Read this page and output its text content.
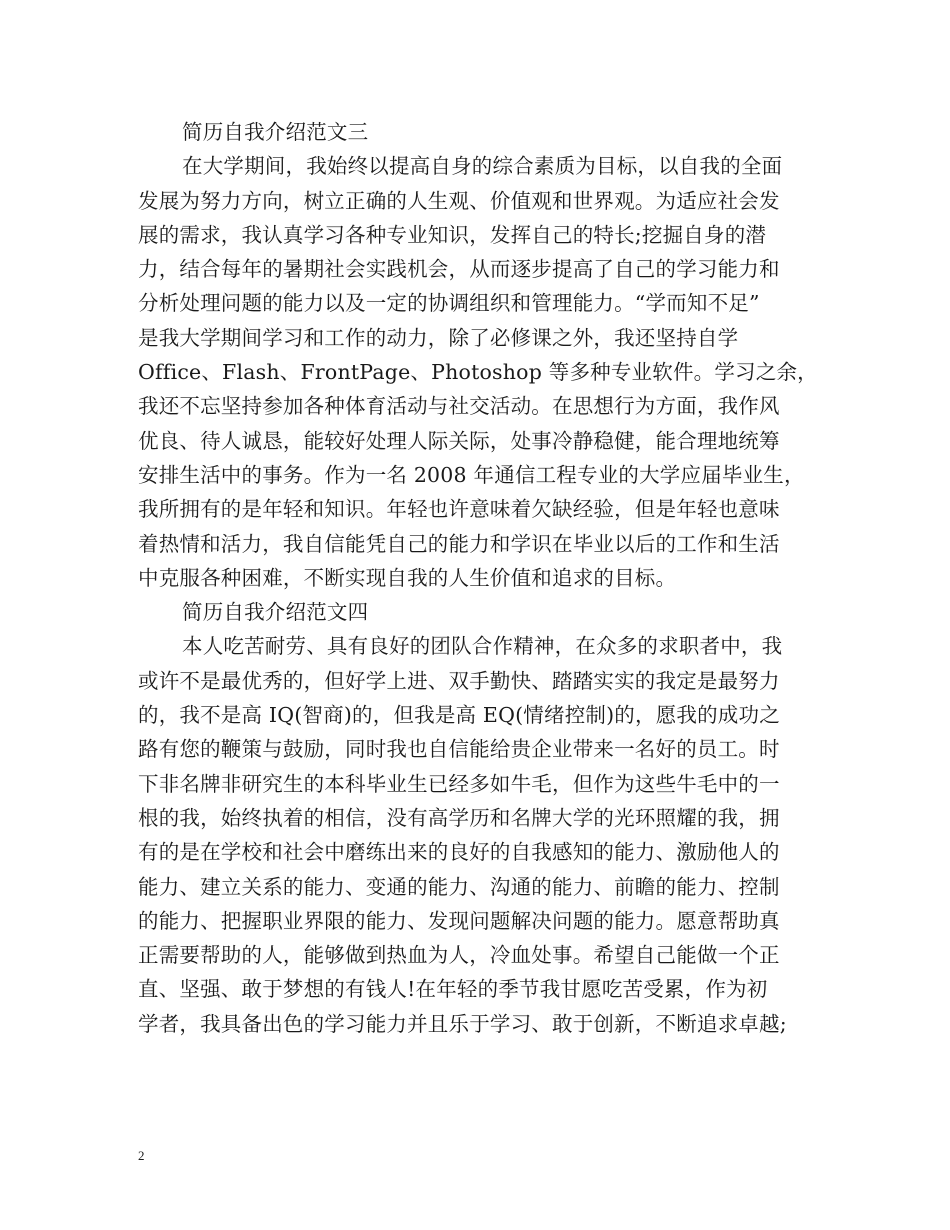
简历自我介绍范文三
在大学期间，我始终以提高自身的综合素质为目标，以自我的全面
发展为努力方向，树立正确的人生观、价值观和世界观。为适应社会发
展的需求，我认真学习各种专业知识，发挥自己的特长;挖掘自身的潜
力，结合每年的暑期社会实践机会，从而逐步提高了自己的学习能力和
分析处理问题的能力以及一定的协调组织和管理能力。“学而知不足”
是我大学期间学习和工作的动力，除了必修课之外，我还坚持自学
Office、Flash、FrontPage、Photoshop 等多种专业软件。学习之余，
我还不忘坚持参加各种体育活动与社交活动。在思想行为方面，我作风
优良、待人诚恳，能较好处理人际关际，处事冷静稳健，能合理地统筹
安排生活中的事务。作为一名 2008 年通信工程专业的大学应届毕业生，
我所拥有的是年轻和知识。年轻也许意味着欠缺经验，但是年轻也意味
着热情和活力，我自信能凭自己的能力和学识在毕业以后的工作和生活
中克服各种困难，不断实现自我的人生价值和追求的目标。
简历自我介绍范文四
本人吃苦耐劳、具有良好的团队合作精神，在众多的求职者中，我
或许不是最优秀的，但好学上进、双手勤快、踏踏实实的我定是最努力
的，我不是高 IQ(智商)的，但我是高 EQ(情绪控制)的，愿我的成功之
路有您的鞭策与鼓励，同时我也自信能给贵企业带来一名好的员工。时
下非名牌非研究生的本科毕业生已经多如牛毛，但作为这些牛毛中的一
根的我，始终执着的相信，没有高学历和名牌大学的光环照耀的我，拥
有的是在学校和社会中磨练出来的良好的自我感知的能力、激励他人的
能力、建立关系的能力、变通的能力、沟通的能力、前瞻的能力、控制
的能力、把握职业界限的能力、发现问题解决问题的能力。愿意帮助真
正需要帮助的人，能够做到热血为人，冷血处事。希望自己能做一个正
直、坚强、敢于梦想的有钱人!在年轻的季节我甘愿吃苦受累，作为初
学者，我具备出色的学习能力并且乐于学习、敢于创新，不断追求卓越;
2
